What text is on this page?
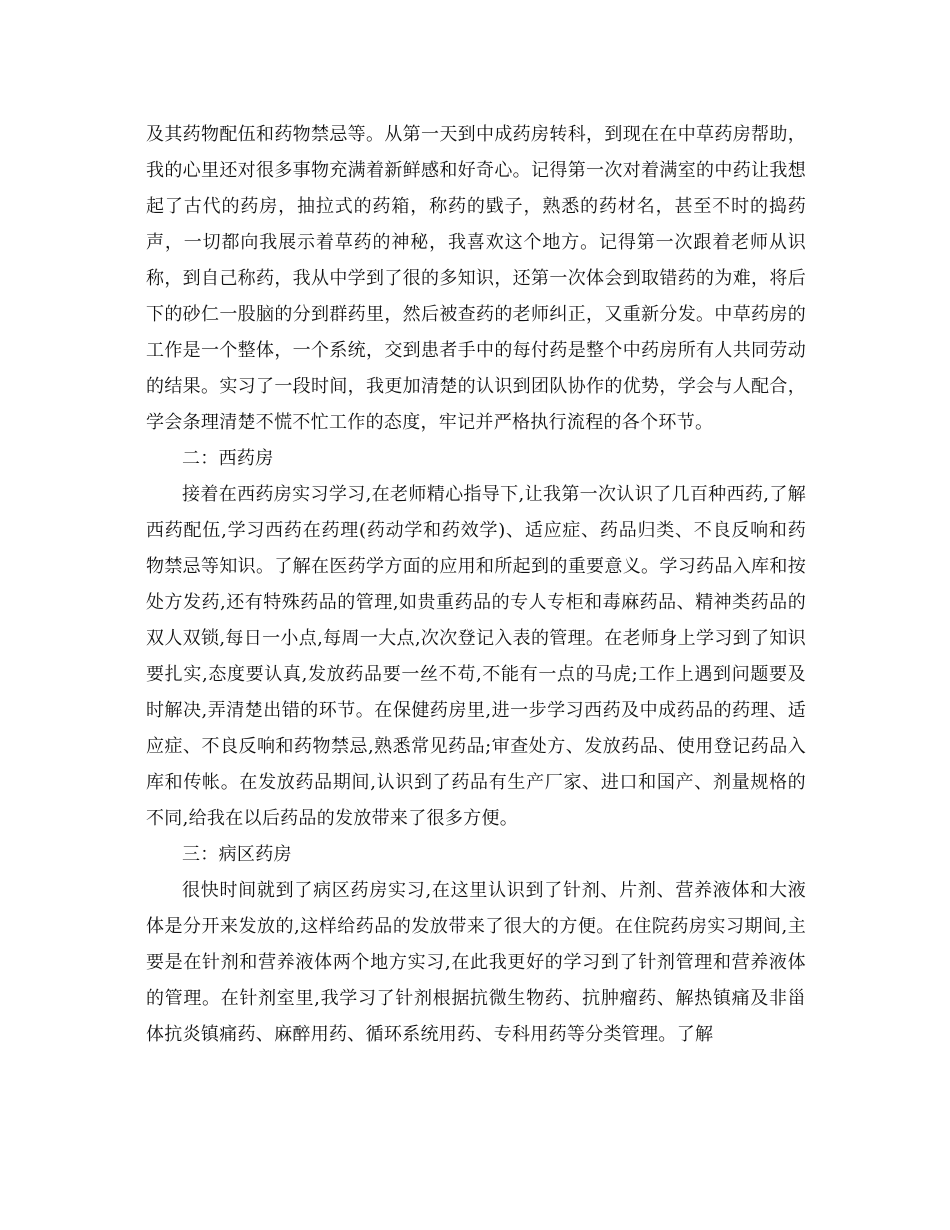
及其药物配伍和药物禁忌等。从第一天到中成药房转科，到现在在中草药房帮助，我的心里还对很多事物充满着新鲜感和好奇心。记得第一次对着满室的中药让我想起了古代的药房，抽拉式的药箱，称药的戥子，熟悉的药材名，甚至不时的捣药声，一切都向我展示着草药的神秘，我喜欢这个地方。记得第一次跟着老师从识称，到自己称药，我从中学到了很的多知识，还第一次体会到取错药的为难，将后下的砂仁一股脑的分到群药里，然后被查药的老师纠正，又重新分发。中草药房的工作是一个整体，一个系统，交到患者手中的每付药是整个中药房所有人共同劳动的结果。实习了一段时间，我更加清楚的认识到团队协作的优势，学会与人配合，学会条理清楚不慌不忙工作的态度，牢记并严格执行流程的各个环节。

二：西药房

接着在西药房实习学习,在老师精心指导下,让我第一次认识了几百种西药,了解西药配伍,学习西药在药理(药动学和药效学)、适应症、药品归类、不良反响和药物禁忌等知识。了解在医药学方面的应用和所起到的重要意义。学习药品入库和按处方发药,还有特殊药品的管理,如贵重药品的专人专柜和毒麻药品、精神类药品的双人双锁,每日一小点,每周一大点,次次登记入表的管理。在老师身上学习到了知识要扎实,态度要认真,发放药品要一丝不苟,不能有一点的马虎;工作上遇到问题要及时解决,弄清楚出错的环节。在保健药房里,进一步学习西药及中成药品的药理、适应症、不良反响和药物禁忌,熟悉常见药品;审查处方、发放药品、使用登记药品入库和传帐。在发放药品期间,认识到了药品有生产厂家、进口和国产、剂量规格的不同,给我在以后药品的发放带来了很多方便。

三：病区药房

很快时间就到了病区药房实习,在这里认识到了针剂、片剂、营养液体和大液体是分开来发放的,这样给药品的发放带来了很大的方便。在住院药房实习期间,主要是在针剂和营养液体两个地方实习,在此我更好的学习到了针剂管理和营养液体的管理。在针剂室里,我学习了针剂根据抗微生物药、抗肿瘤药、解热镇痛及非甾体抗炎镇痛药、麻醉用药、循环系统用药、专科用药等分类管理。了解
